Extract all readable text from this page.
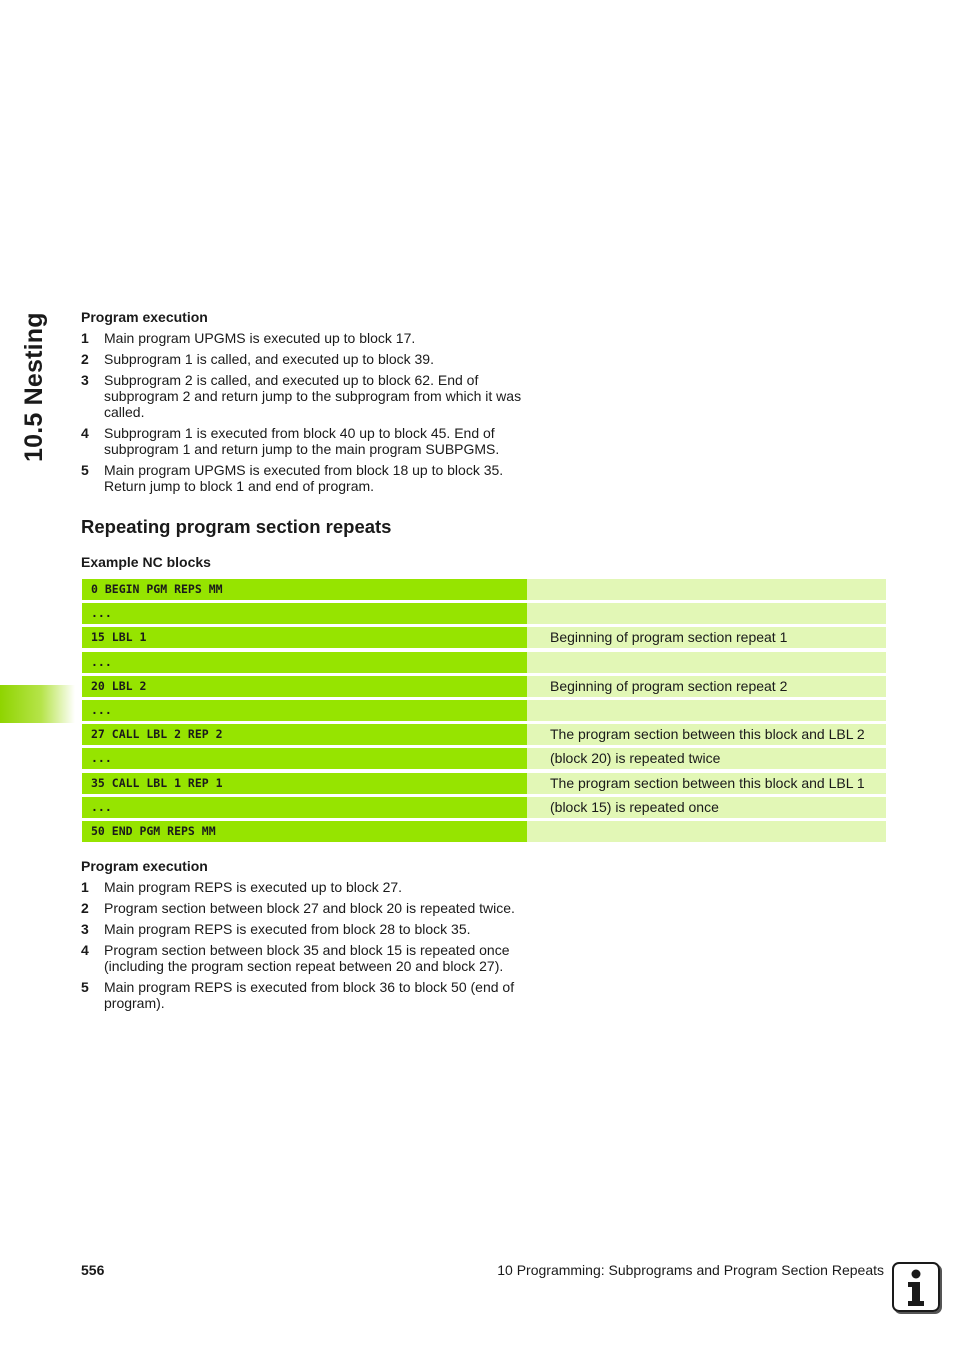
10.5 Nesting Program execution
1 Main program UPGMS is executed up to block 17.
2 Subprogram 1 is called, and executed up to block 39.
3 Subprogram 2 is called, and executed up to block 62. End of subprogram 2 and return jump to the subprogram from which it was called.
4 Subprogram 1 is executed from block 40 up to block 45. End of subprogram 1 and return jump to the main program SUBPGMS.
5 Main program UPGMS is executed from block 18 up to block 35. Return jump to block 1 and end of program.
Repeating program section repeats
Example NC blocks
0 BEGIN PGM REPS MM
...
15 LBL 1	Beginning of program section repeat 1
...
20 LBL 2	Beginning of program section repeat 2
...
27 CALL LBL 2 REP 2	The program section between this block and LBL 2
...	(block 20) is repeated twice
35 CALL LBL 1 REP 1	The program section between this block and LBL 1
...	(block 15) is repeated once
50 END PGM REPS MM
Program execution
1 Main program REPS is executed up to block 27.
2 Program section between block 27 and block 20 is repeated twice.
3 Main program REPS is executed from block 28 to block 35.
4 Program section between block 35 and block 15 is repeated once (including the program section repeat between 20 and block 27).
5 Main program REPS is executed from block 36 to block 50 (end of program).
556	10 Programming: Subprograms and Program Section Repeats
